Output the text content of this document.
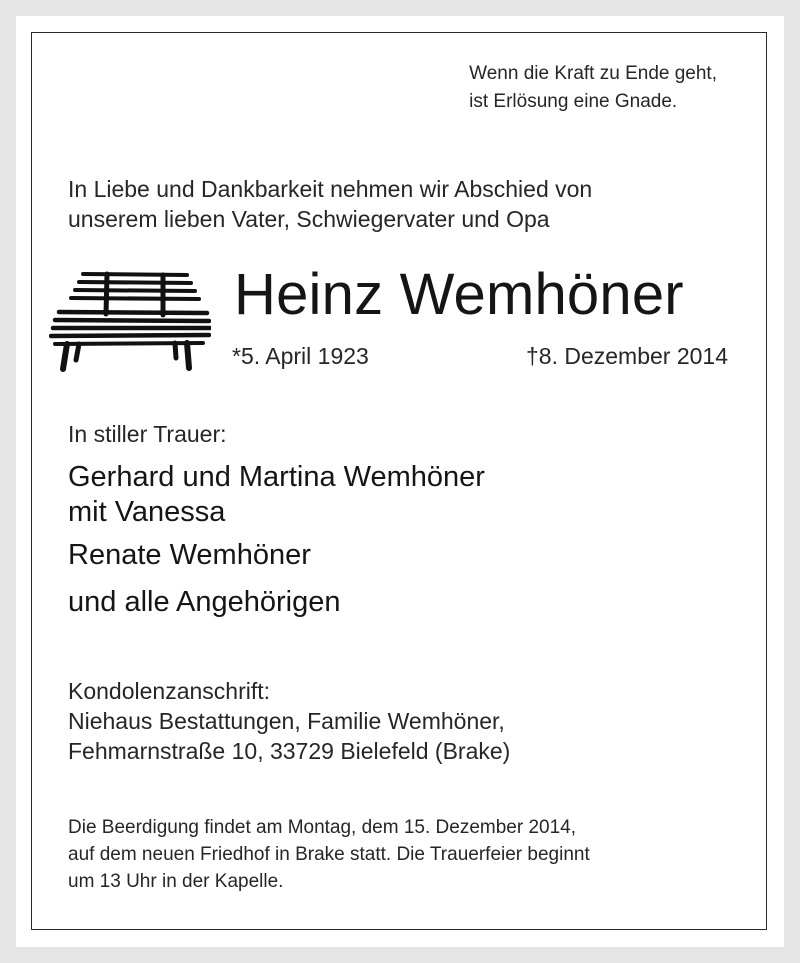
Wenn die Kraft zu Ende geht,
ist Erlösung eine Gnade.
In Liebe und Dankbarkeit nehmen wir Abschied von
unserem lieben Vater, Schwiegervater und Opa
Heinz Wemhöner
*5. April 1923	†8. Dezember 2014
In stiller Trauer:
Gerhard und Martina Wemhöner
mit Vanessa
Renate Wemhöner
und alle Angehörigen
Kondolenzanschrift:
Niehaus Bestattungen, Familie Wemhöner,
Fehmarnstraße 10, 33729 Bielefeld (Brake)
Die Beerdigung findet am Montag, dem 15. Dezember 2014,
auf dem neuen Friedhof in Brake statt. Die Trauerfeier beginnt
um 13 Uhr in der Kapelle.
